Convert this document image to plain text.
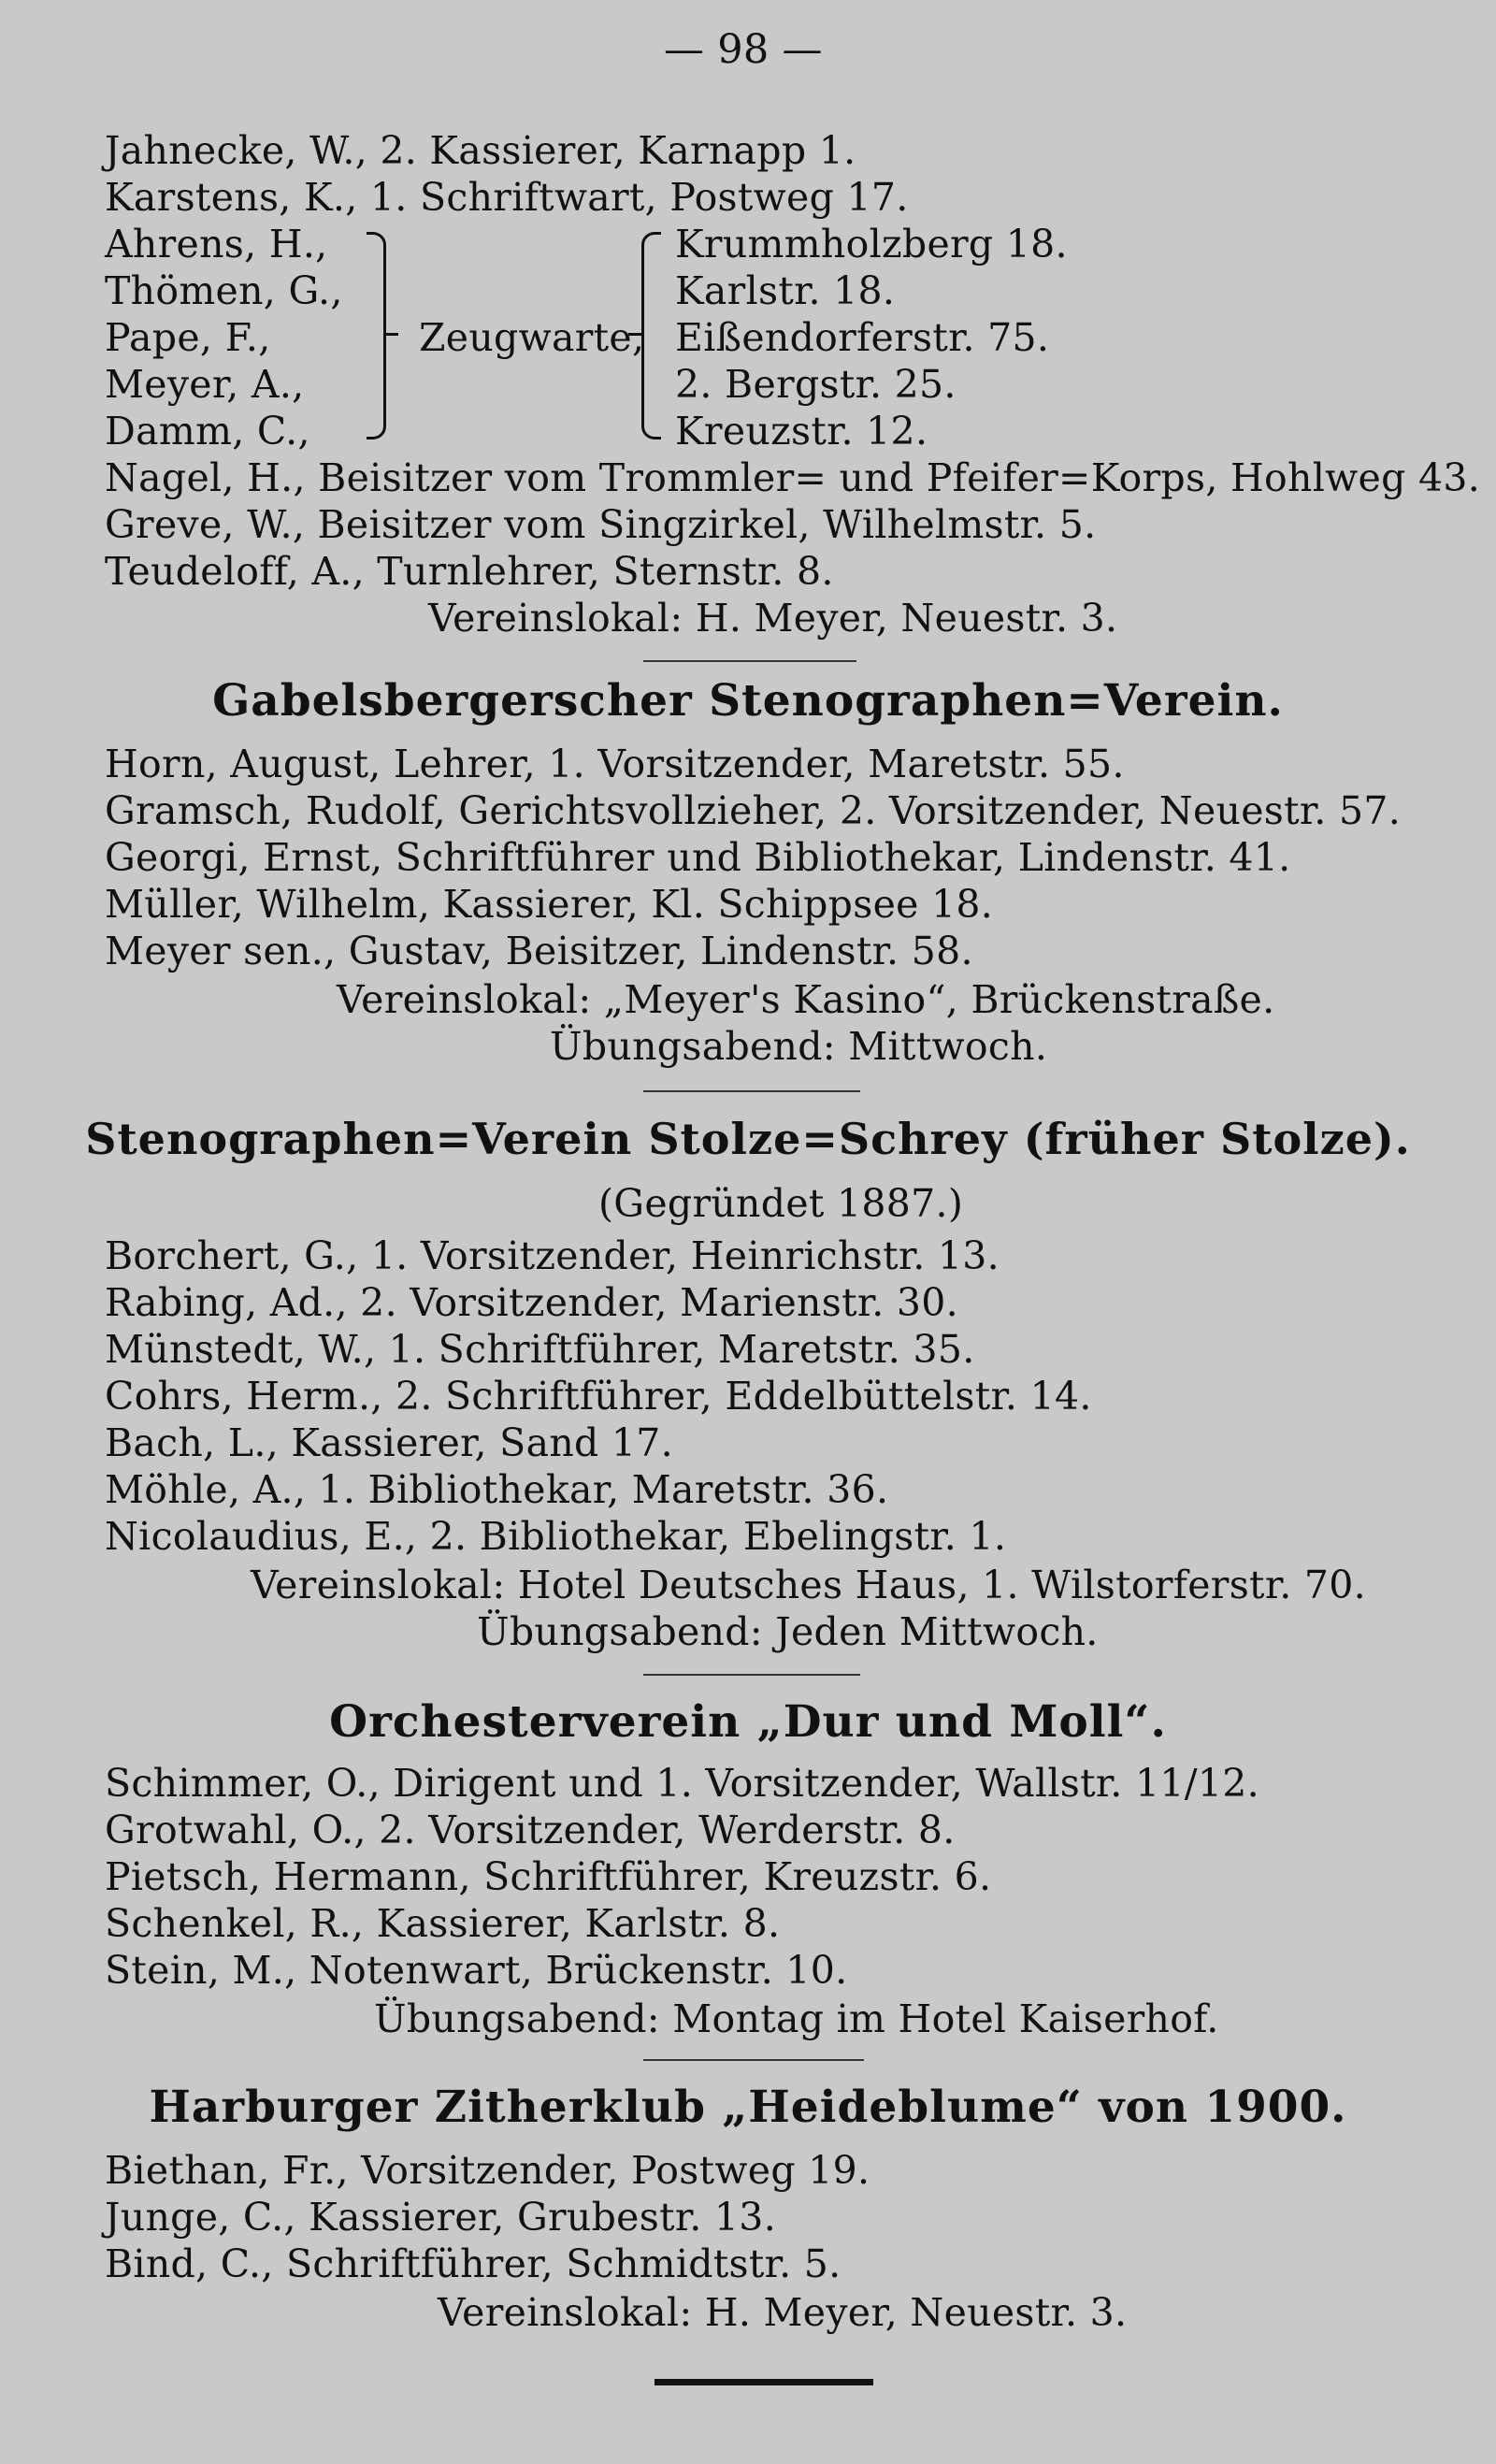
— 98 —
Jahnecke, W., 2. Kassierer, Karnapp 1.
Karstens, K., 1. Schriftwart, Postweg 17.
Ahrens, H.,
Thömen, G.,
Pape, F.,
Meyer, A.,
Damm, C.,
Zeugwarte,
Krummholzberg 18.
Karlstr. 18.
Eißendorferstr. 75.
2. Bergstr. 25.
Kreuzstr. 12.
Nagel, H., Beisitzer vom Trommler= und Pfeifer=Korps, Hohlweg 43.
Greve, W., Beisitzer vom Singzirkel, Wilhelmstr. 5.
Teudeloff, A., Turnlehrer, Sternstr. 8.
Vereinslokal: H. Meyer, Neuestr. 3.
Gabelsbergerscher Stenographen=Verein.
Horn, August, Lehrer, 1. Vorsitzender, Maretstr. 55.
Gramsch, Rudolf, Gerichtsvollzieher, 2. Vorsitzender, Neuestr. 57.
Georgi, Ernst, Schriftführer und Bibliothekar, Lindenstr. 41.
Müller, Wilhelm, Kassierer, Kl. Schippsee 18.
Meyer sen., Gustav, Beisitzer, Lindenstr. 58.
Vereinslokal: „Meyer's Kasino“, Brückenstraße.
Übungsabend: Mittwoch.
Stenographen=Verein Stolze=Schrey (früher Stolze).
(Gegründet 1887.)
Borchert, G., 1. Vorsitzender, Heinrichstr. 13.
Rabing, Ad., 2. Vorsitzender, Marienstr. 30.
Münstedt, W., 1. Schriftführer, Maretstr. 35.
Cohrs, Herm., 2. Schriftführer, Eddelbüttelstr. 14.
Bach, L., Kassierer, Sand 17.
Möhle, A., 1. Bibliothekar, Maretstr. 36.
Nicolaudius, E., 2. Bibliothekar, Ebelingstr. 1.
Vereinslokal: Hotel Deutsches Haus, 1. Wilstorferstr. 70.
Übungsabend: Jeden Mittwoch.
Orchesterverein „Dur und Moll“.
Schimmer, O., Dirigent und 1. Vorsitzender, Wallstr. 11/12.
Grotwahl, O., 2. Vorsitzender, Werderstr. 8.
Pietsch, Hermann, Schriftführer, Kreuzstr. 6.
Schenkel, R., Kassierer, Karlstr. 8.
Stein, M., Notenwart, Brückenstr. 10.
Übungsabend: Montag im Hotel Kaiserhof.
Harburger Zitherklub „Heideblume“ von 1900.
Biethan, Fr., Vorsitzender, Postweg 19.
Junge, C., Kassierer, Grubestr. 13.
Bind, C., Schriftführer, Schmidtstr. 5.
Vereinslokal: H. Meyer, Neuestr. 3.
